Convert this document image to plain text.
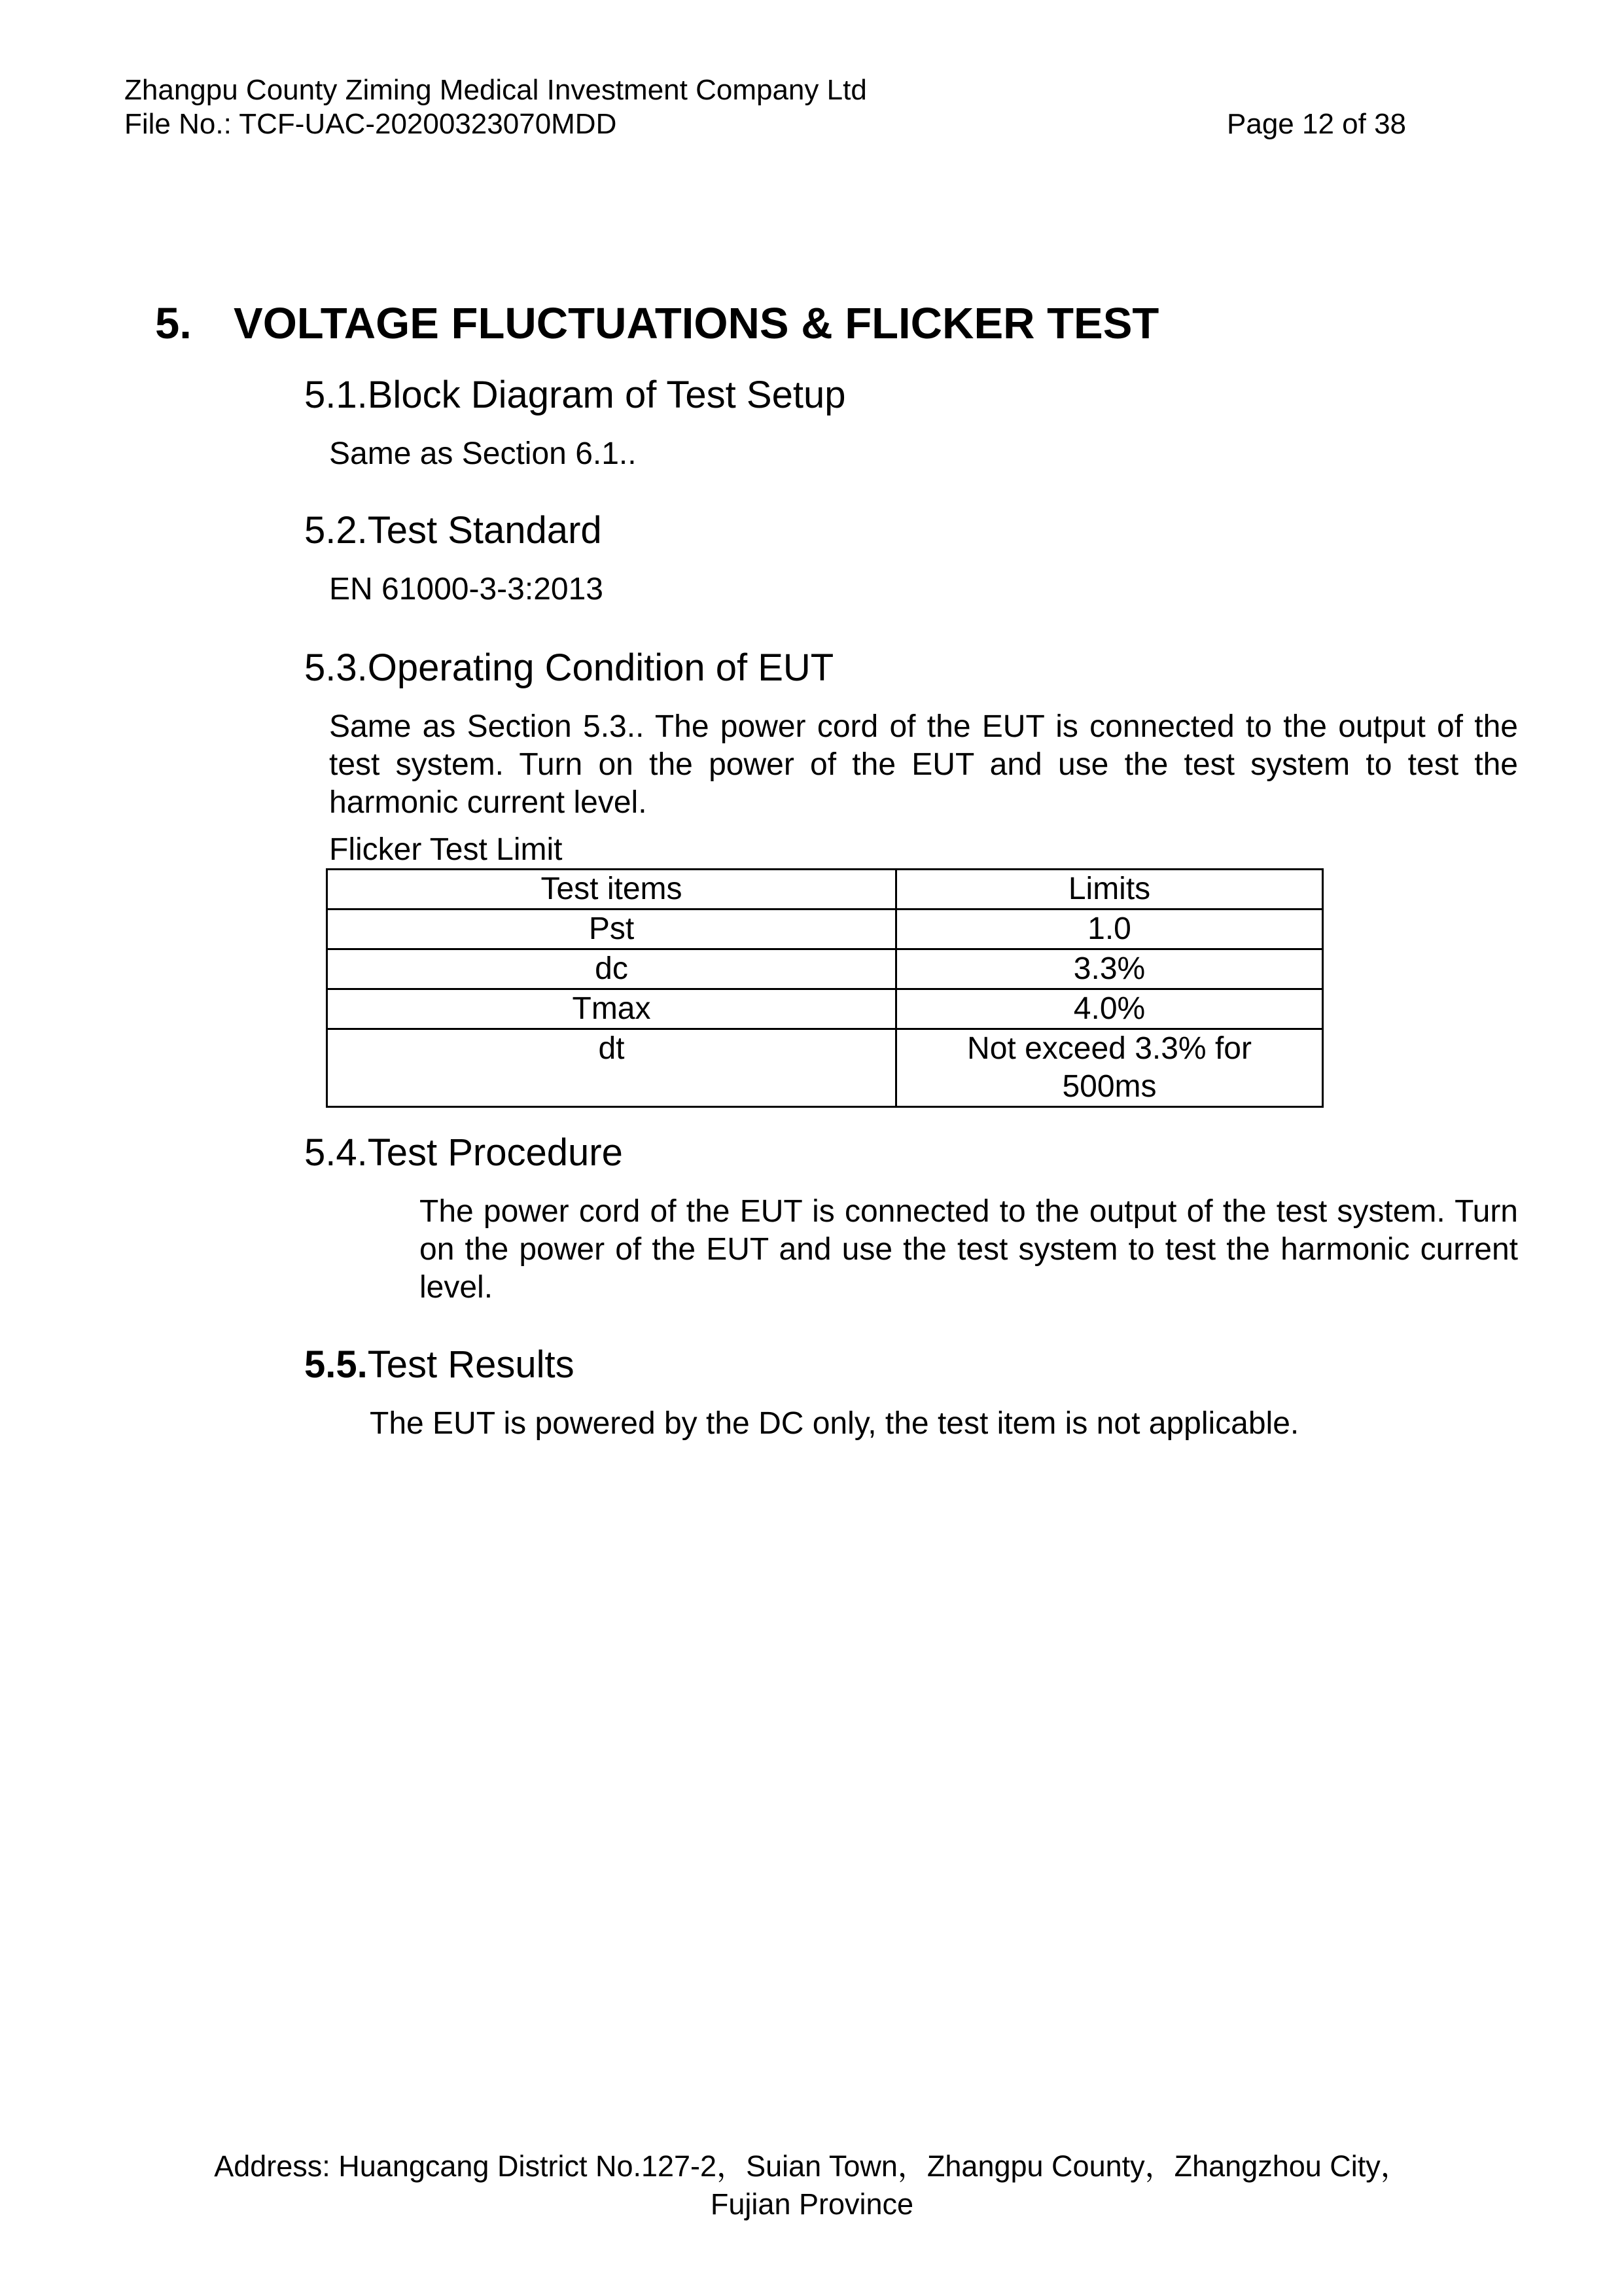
Zhangpu County Ziming Medical Investment Company Ltd
File No.: TCF-UAC-20200323070MDD	Page 12 of 38
5. VOLTAGE FLUCTUATIONS & FLICKER TEST
5.1.Block Diagram of Test Setup
Same as Section 6.1..
5.2.Test Standard
EN 61000-3-3:2013
5.3.Operating Condition of EUT
Same as Section 5.3.. The power cord of the EUT is connected to the output of the test system. Turn on the power of the EUT and use the test system to test the harmonic current level.
Flicker Test Limit
Test items	Limits
Pst	1.0
dc	3.3%
Tmax	4.0%
dt	Not exceed 3.3% for 500ms
5.4.Test Procedure
The power cord of the EUT is connected to the output of the test system. Turn on the power of the EUT and use the test system to test the harmonic current level.
5.5.Test Results
The EUT is powered by the DC only, the test item is not applicable.
Address: Huangcang District No.127-2，Suian Town，Zhangpu County，Zhangzhou City，
Fujian Province
